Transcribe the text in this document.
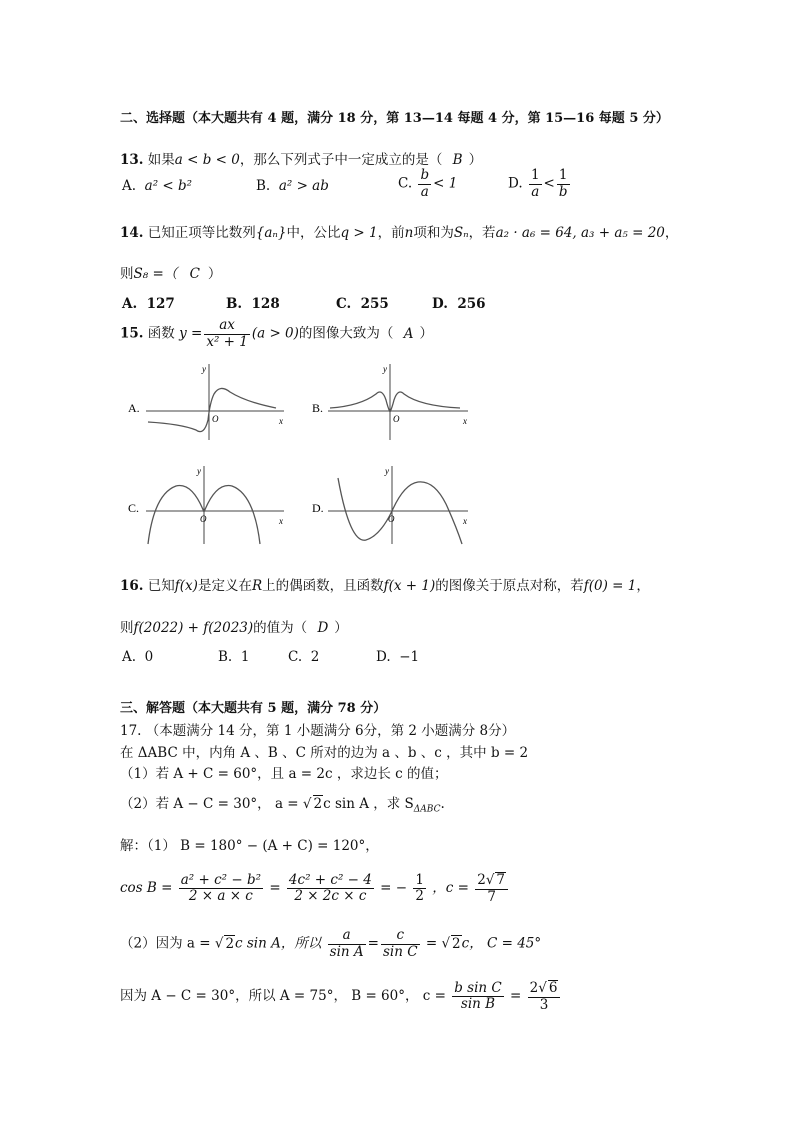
二、选择题（本大题共有 4 题，满分 18 分，第 13—14 每题 4 分，第 15—16 每题 5 分）
13. 如果a < b < 0，那么下列式子中一定成立的是（ B ）
A. a² < b²	B. a² > ab	C. $\frac{b}{a} < 1$	D. $\frac{1}{a} < \frac{1}{b}$
14. 已知正项等比数列{aₙ}中，公比q > 1，前n项和为Sₙ，若a₂ · a₆ = 64, a₃ + a₅ = 20，
则S₈ =（ C ）
A. 127	B. 128	C. 255	D. 256
15. 函数 $y = \frac{ax}{\text{x² + 1}} (a > 0)$的图像大致为（ A ）
A.
y
x
O
B.
y
x
O
C.
y
x
O
D.
y
x
O
16. 已知f(x)是定义在R上的偶函数，且函数f(x + 1)的图像关于原点对称，若f(0) = 1，
则f(2022) + f(2023)的值为（ D ）
A. 0	B. 1	C. 2	D. −1
三、解答题（本大题共有 5 题，满分 78 分）
17. （本题满分 14 分，第 1 小题满分 6分，第 2 小题满分 8分）
在 ΔABC 中，内角 A 、B 、C 所对的边为 a 、b 、c ，其中 b = 2
（1）若 A + C = 60°，且 a = 2c ，求边长 c 的值；
（2）若 A − C = 30°， a = √ 2c sin A ，求 $S_{\Delta ABC}$.
解：（1） B = 180° − (A + C) = 120°，
$\cos B = \frac{\text{a² + c² − b²}}{2 \times a \times c} = \frac{\text{4c² + c² − 4}}{2 \times 2c \times c}$ = − $\frac{1}{2}$ ，$c = \frac{2√ 7}{7}$
（2）因为 a = √ 2c sin A，所以 $\frac{a}{\text{sin A}} = \frac{c}{\text{sin C}}$ = √ 2c， C = 45°
因为 A − C = 30°，所以 A = 75°， B = 60°， $c = \frac{\text{b sin C}}{\text{sin B}} = \frac{2√ 6}{3}$
